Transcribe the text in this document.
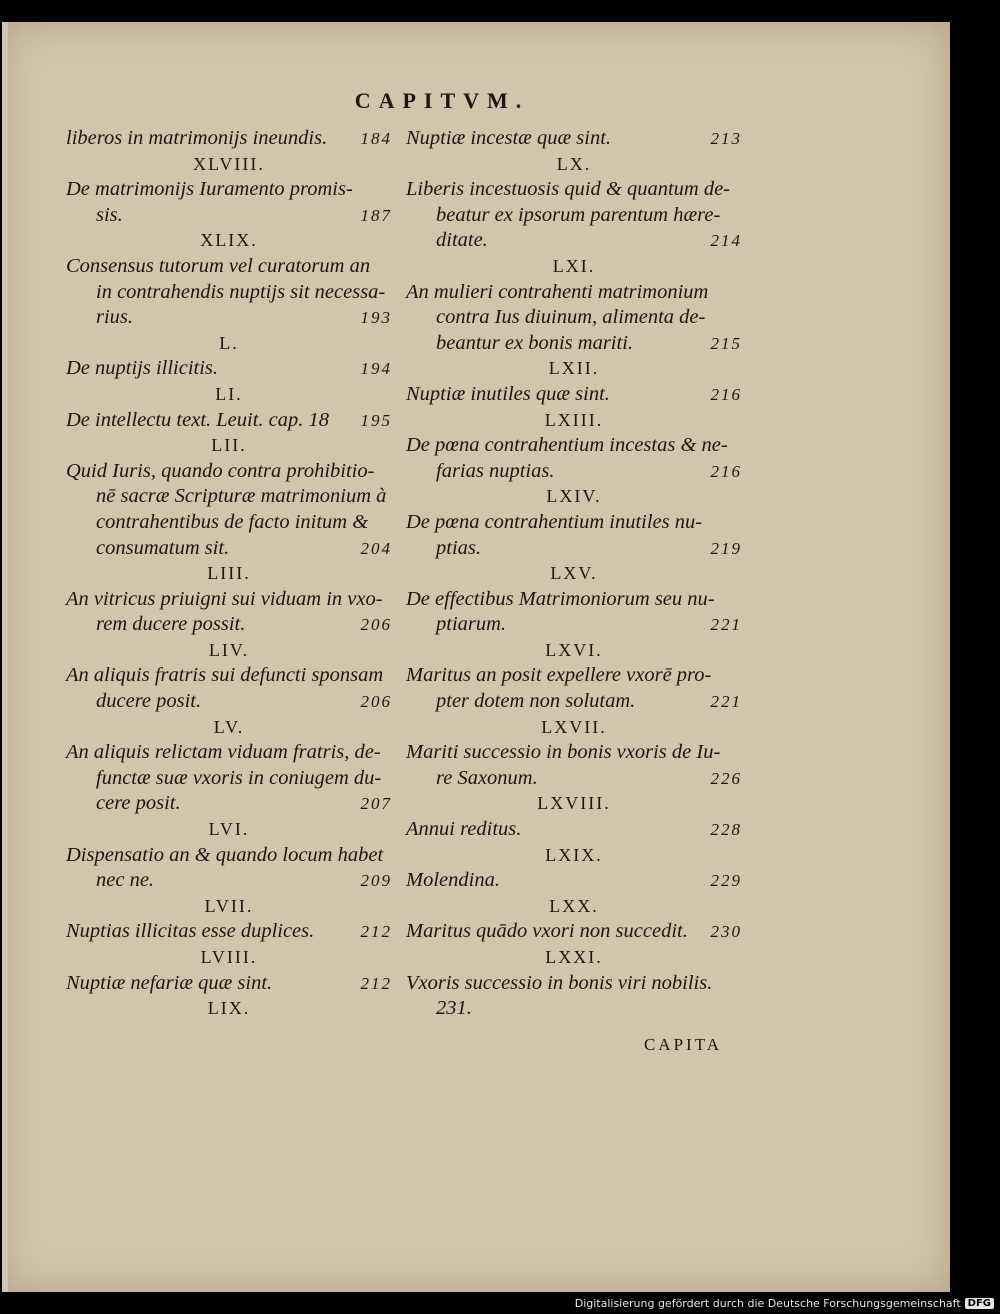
CAPITVM.
liberos in matrimonijs ineundis. 184
XLVIII.
De matrimonijs Iuramento promis-
sis.	187
XLIX.
Consensus tutorum vel curatorum an
in contrahendis nuptijs sit necessa-
rius.	193
L.
De nuptijs illicitis.	194
LI.
De intellectu text. Leuit. cap. 18 195
LII.
Quid Iuris, quando contra prohibitio-
nē sacræ Scripturæ matrimonium à
contrahentibus de facto initum &
consumatum sit.	204
LIII.
An vitricus priuigni sui viduam in vxo-
rem ducere possit.	206
LIV.
An aliquis fratris sui defuncti sponsam
ducere posit.	206
LV.
An aliquis relictam viduam fratris, de-
functæ suæ vxoris in coniugem du-
cere posit.	207
LVI.
Dispensatio an & quando locum habet
nec ne.	209
LVII.
Nuptias illicitas esse duplices.	212
LVIII.
Nuptiæ nefariæ quæ sint.	212
LIX.
Nuptiæ incestæ quæ sint.	213
LX.
Liberis incestuosis quid & quantum de-
beatur ex ipsorum parentum hære-
ditate.	214
LXI.
An mulieri contrahenti matrimonium
contra Ius diuinum, alimenta de-
beantur ex bonis mariti.	215
LXII.
Nuptiæ inutiles quæ sint.	216
LXIII.
De pœna contrahentium incestas & ne-
farias nuptias.	216
LXIV.
De pœna contrahentium inutiles nu-
ptias.	219
LXV.
De effectibus Matrimoniorum seu nu-
ptiarum.	221
LXVI.
Maritus an posit expellere vxorē pro-
pter dotem non solutam.	221
LXVII.
Mariti successio in bonis vxoris de Iu-
re Saxonum.	226
LXVIII.
Annui reditus.	228
LXIX.
Molendina.	229
LXX.
Maritus quādo vxori non succedit. 230
LXXI.
Vxoris successio in bonis viri nobilis.
231.
CAPITA
Digitalisierung gefördert durch die Deutsche Forschungsgemeinschaft DFG
